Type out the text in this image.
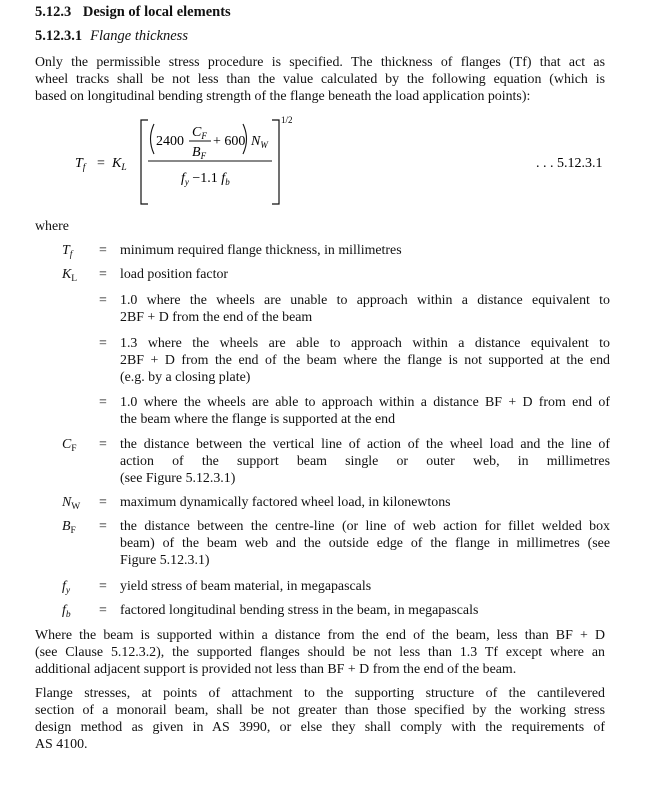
5.12.3 Design of local elements
5.12.3.1 Flange thickness
Only the permissible stress procedure is specified. The thickness of flanges (Tf) that act as
wheel tracks shall be not less than the value calculated by the following equation (which is
based on longitudinal bending strength of the flange beneath the load application points):
$T_f = K_L$
1/2
2400
$C_F$
$B_F$
+ 600 $N_W$
$f_y -1.1$ $f_b$
. . . 5.12.3.1
where
$T_f$	= minimum required flange thickness, in millimetres
$K_L$	= load position factor
= 1.0 where the wheels are unable to approach within a distance equivalent to
2BF + D from the end of the beam
= 1.3 where the wheels are able to approach within a distance equivalent to
2BF + D from the end of the beam where the flange is not supported at the end
(e.g. by a closing plate)
= 1.0 where the wheels are able to approach within a distance BF + D from end of
the beam where the flange is supported at the end
$C_F$	= the distance between the vertical line of action of the wheel load and the line of
action of the support beam single or outer web, in millimetres
(see Figure 5.12.3.1)
$N_W$	= maximum dynamically factored wheel load, in kilonewtons
$B_F$	= the distance between the centre-line (or line of web action for fillet welded box
beam) of the beam web and the outside edge of the flange in millimetres (see
Figure 5.12.3.1)
$f_y$	= yield stress of beam material, in megapascals
$f_b$	= factored longitudinal bending stress in the beam, in megapascals
Where the beam is supported within a distance from the end of the beam, less than BF + D
(see Clause 5.12.3.2), the supported flanges should be not less than 1.3 Tf except where an
additional adjacent support is provided not less than BF + D from the end of the beam.
Flange stresses, at points of attachment to the supporting structure of the cantilevered
section of a monorail beam, shall be not greater than those specified by the working stress
design method as given in AS 3990, or else they shall comply with the requirements of
AS 4100.
